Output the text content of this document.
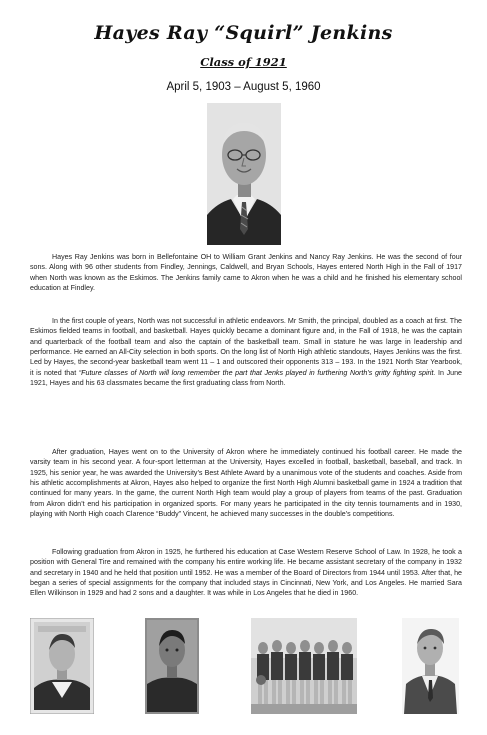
Hayes Ray “Squirl” Jenkins
Class of 1921
April 5, 1903 – August 5, 1960

Hayes Ray Jenkins was born in Bellefontaine OH to William Grant Jenkins and Nancy Ray Jenkins. He was the second of four sons. Along with 96 other students from Findley, Jennings, Caldwell, and Bryan Schools, Hayes entered North High in the Fall of 1917 when North was known as the Eskimos. The Jenkins family came to Akron when he was a child and he finished his elementary school education at Findley.

In the first couple of years, North was not successful in athletic endeavors. Mr Smith, the principal, doubled as a coach at first. The Eskimos fielded teams in football, and basketball. Hayes quickly became a dominant figure and, in the Fall of 1918, he was the captain and quarterback of the football team and also the captain of the basketball team. Small in stature he was large in leadership and performance. He earned an All-City selection in both sports. On the long list of North High athletic standouts, Hayes Jenkins was the first. Led by Hayes, the second-year basketball team went 11 – 1 and outscored their opponents 313 – 193. In the 1921 North Star Yearbook, it is noted that “Future classes of North will long remember the part that Jenks played in furthering North’s gritty fighting spirit. In June 1921, Hayes and his 63 classmates became the first graduating class from North.

After graduation, Hayes went on to the University of Akron where he immediately continued his football career. He made the varsity team in his second year. A four-sport letterman at the University, Hayes excelled in football, basketball, baseball, and track. In 1925, his senior year, he was awarded the University’s Best Athlete Award by a unanimous vote of the students and coaches. Aside from his athletic accomplishments at Akron, Hayes also helped to organize the first North High Alumni basketball game in 1924 a tradition that continued for many years. In the game, the current North High team would play a group of players from teams of the past. Graduation from Akron didn’t end his participation in organized sports. For many years he participated in the city tennis tournaments and in 1930, playing with North High coach Clarence “Buddy” Vincent, he achieved many successes in the double’s competitions.

Following graduation from Akron in 1925, he furthered his education at Case Western Reserve School of Law. In 1928, he took a position with General Tire and remained with the company his entire working life. He became assistant secretary of the company in 1932 and secretary in 1940 and he held that position until 1952. He was a member of the Board of Directors from 1944 until 1953. After that, he began a series of special assignments for the company that included stays in Cincinnati, New York, and Los Angeles. He married Sara Ellen Wilkinson in 1929 and had 2 sons and a daughter. It was while in Los Angeles that he died in 1960.
